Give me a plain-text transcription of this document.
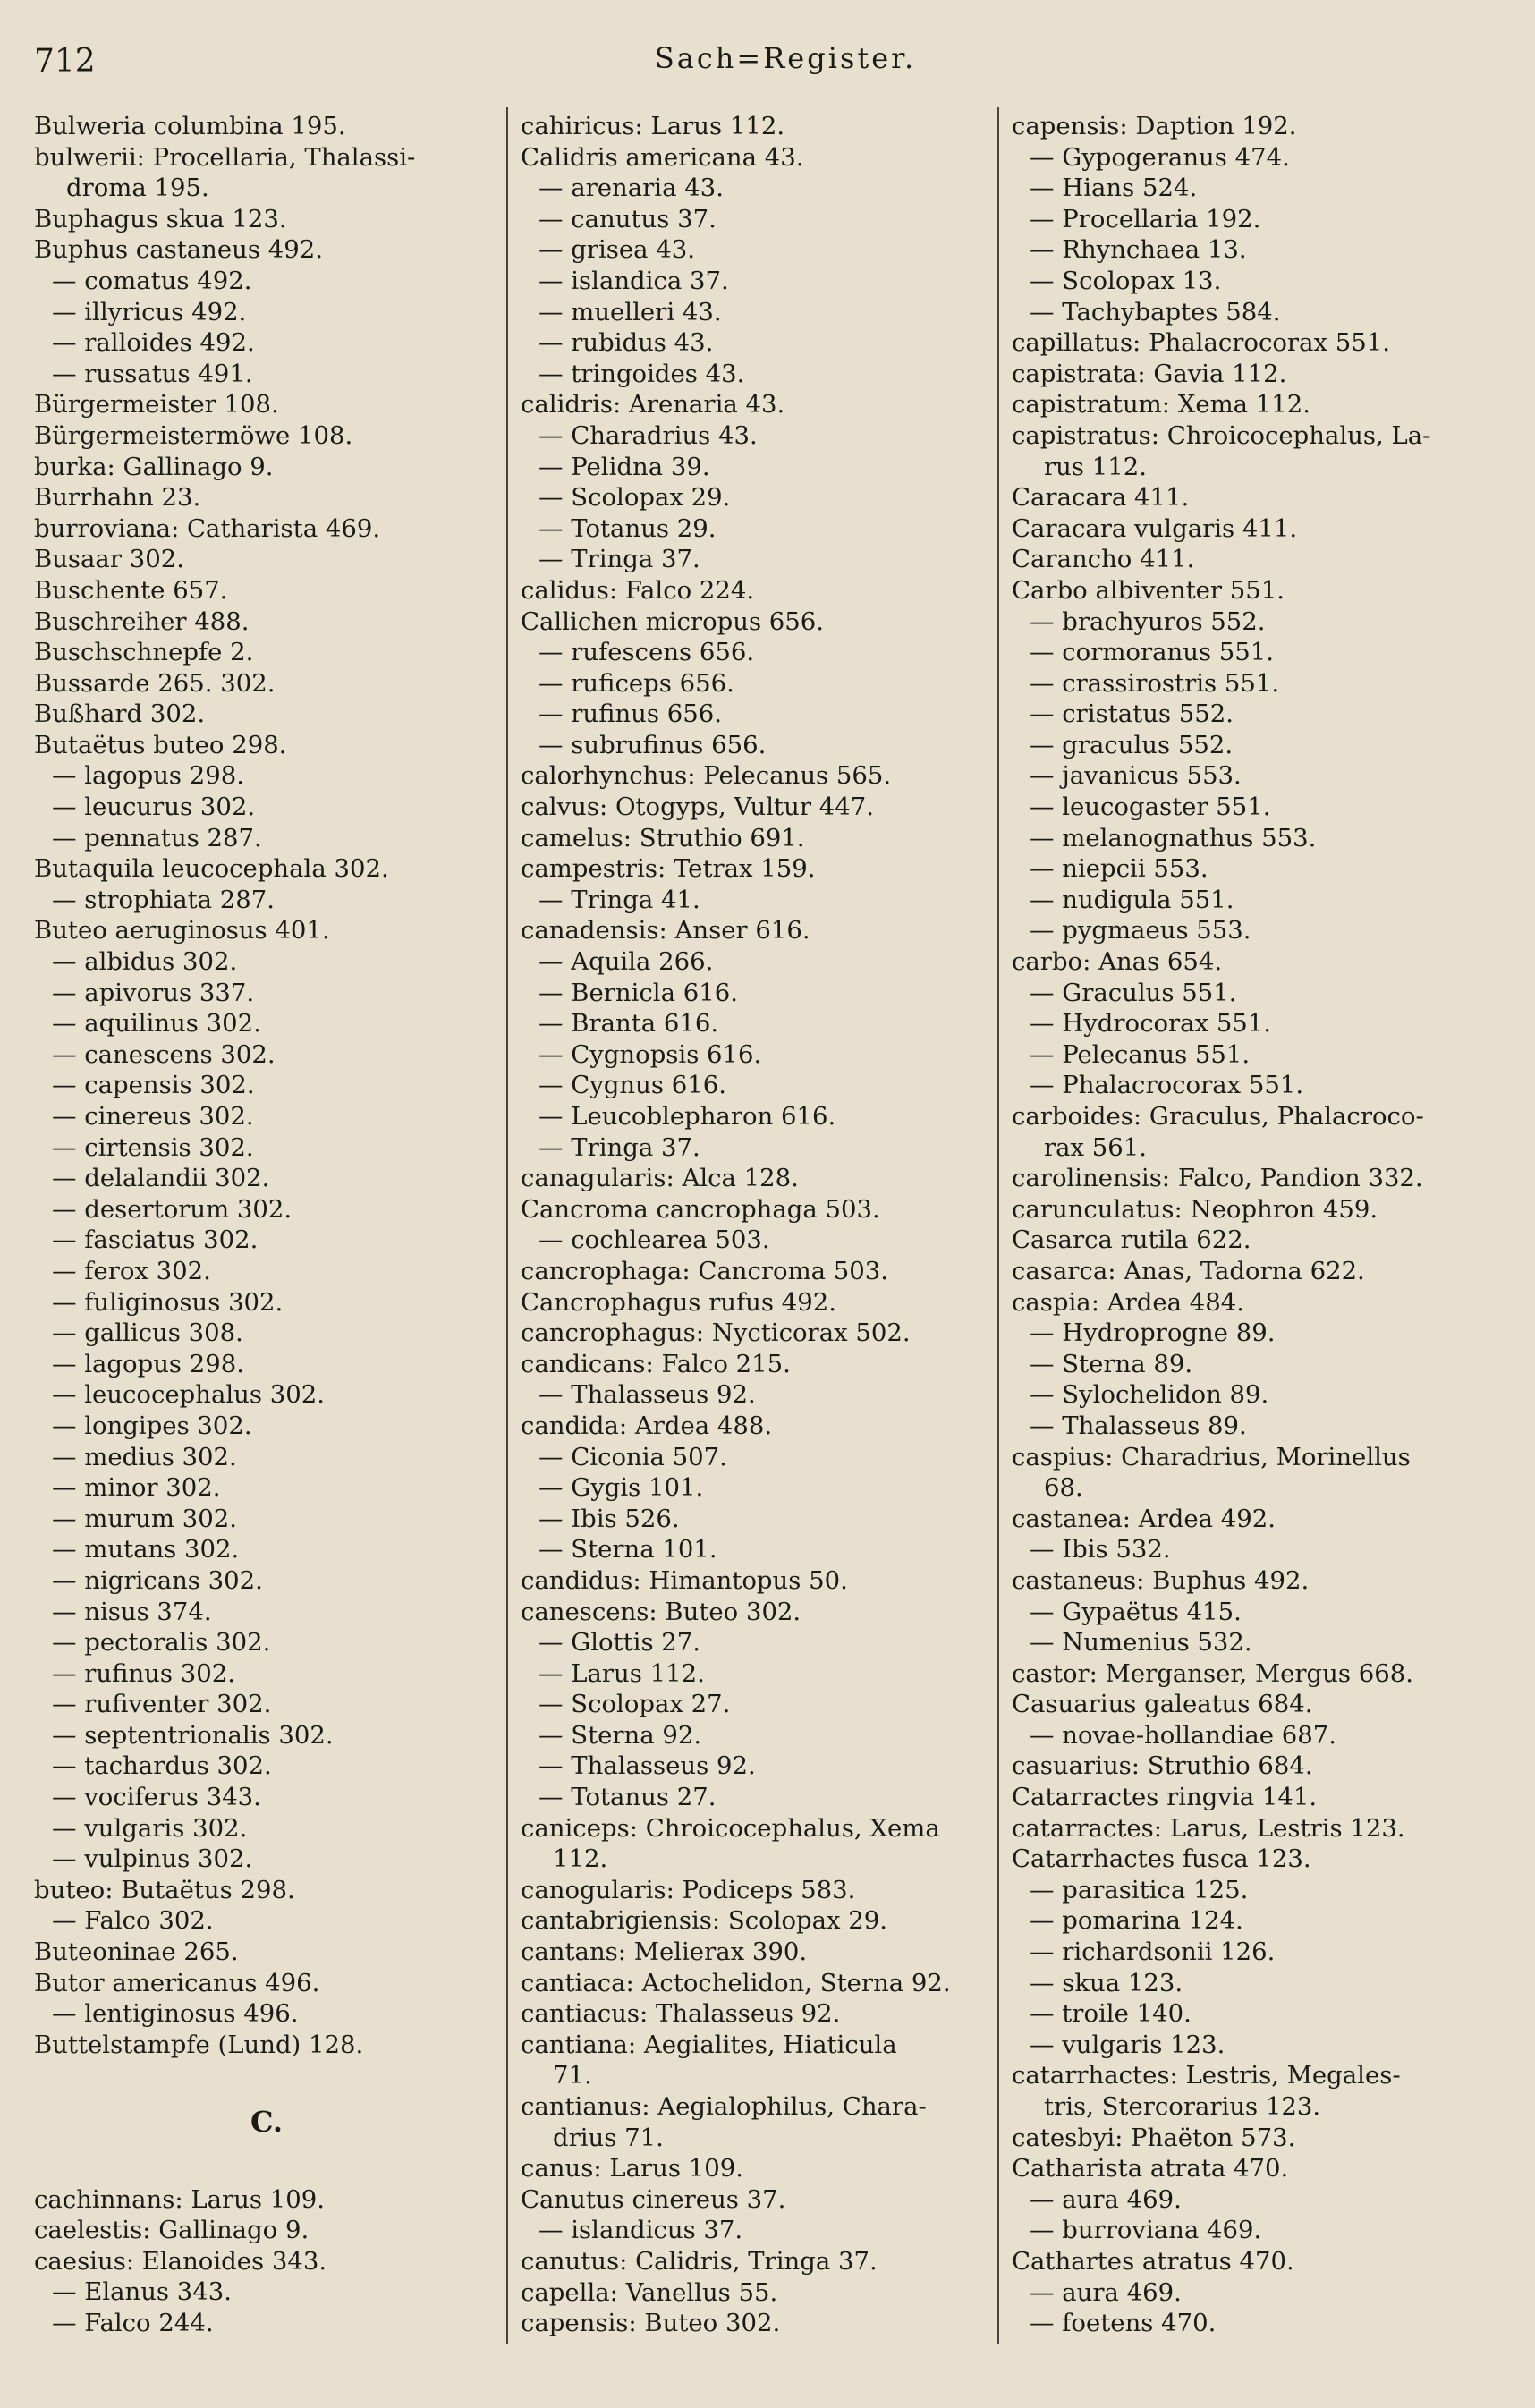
712	Sach=Register.
Bulweria columbina 195.
bulwerii: Procellaria, Thalassi-
droma 195.
Buphagus skua 123.
Buphus castaneus 492.
— comatus 492.
— illyricus 492.
— ralloides 492.
— russatus 491.
Bürgermeister 108.
Bürgermeistermöwe 108.
burka: Gallinago 9.
Burrhahn 23.
burroviana: Catharista 469.
Busaar 302.
Buschente 657.
Buschreiher 488.
Buschschnepfe 2.
Bussarde 265. 302.
Bußhard 302.
Butaëtus buteo 298.
— lagopus 298.
— leucurus 302.
— pennatus 287.
Butaquila leucocephala 302.
— strophiata 287.
Buteo aeruginosus 401.
— albidus 302.
— apivorus 337.
— aquilinus 302.
— canescens 302.
— capensis 302.
— cinereus 302.
— cirtensis 302.
— delalandii 302.
— desertorum 302.
— fasciatus 302.
— ferox 302.
— fuliginosus 302.
— gallicus 308.
— lagopus 298.
— leucocephalus 302.
— longipes 302.
— medius 302.
— minor 302.
— murum 302.
— mutans 302.
— nigricans 302.
— nisus 374.
— pectoralis 302.
— rufinus 302.
— rufiventer 302.
— septentrionalis 302.
— tachardus 302.
— vociferus 343.
— vulgaris 302.
— vulpinus 302.
buteo: Butaëtus 298.
— Falco 302.
Buteoninae 265.
Butor americanus 496.
— lentiginosus 496.
Buttelstampfe (Lund) 128.
C.
cachinnans: Larus 109.
caelestis: Gallinago 9.
caesius: Elanoides 343.
— Elanus 343.
— Falco 244.
cahiricus: Larus 112.
Calidris americana 43.
— arenaria 43.
— canutus 37.
— grisea 43.
— islandica 37.
— muelleri 43.
— rubidus 43.
— tringoides 43.
calidris: Arenaria 43.
— Charadrius 43.
— Pelidna 39.
— Scolopax 29.
— Totanus 29.
— Tringa 37.
calidus: Falco 224.
Callichen micropus 656.
— rufescens 656.
— ruficeps 656.
— rufinus 656.
— subrufinus 656.
calorhynchus: Pelecanus 565.
calvus: Otogyps, Vultur 447.
camelus: Struthio 691.
campestris: Tetrax 159.
— Tringa 41.
canadensis: Anser 616.
— Aquila 266.
— Bernicla 616.
— Branta 616.
— Cygnopsis 616.
— Cygnus 616.
— Leucoblepharon 616.
— Tringa 37.
canagularis: Alca 128.
Cancroma cancrophaga 503.
— cochlearea 503.
cancrophaga: Cancroma 503.
Cancrophagus rufus 492.
cancrophagus: Nycticorax 502.
candicans: Falco 215.
— Thalasseus 92.
candida: Ardea 488.
— Ciconia 507.
— Gygis 101.
— Ibis 526.
— Sterna 101.
candidus: Himantopus 50.
canescens: Buteo 302.
— Glottis 27.
— Larus 112.
— Scolopax 27.
— Sterna 92.
— Thalasseus 92.
— Totanus 27.
caniceps: Chroicocephalus, Xema
112.
canogularis: Podiceps 583.
cantabrigiensis: Scolopax 29.
cantans: Melierax 390.
cantiaca: Actochelidon, Sterna 92.
cantiacus: Thalasseus 92.
cantiana: Aegialites, Hiaticula
71.
cantianus: Aegialophilus, Chara-
drius 71.
canus: Larus 109.
Canutus cinereus 37.
— islandicus 37.
canutus: Calidris, Tringa 37.
capella: Vanellus 55.
capensis: Buteo 302.
capensis: Daption 192.
— Gypogeranus 474.
— Hians 524.
— Procellaria 192.
— Rhynchaea 13.
— Scolopax 13.
— Tachybaptes 584.
capillatus: Phalacrocorax 551.
capistrata: Gavia 112.
capistratum: Xema 112.
capistratus: Chroicocephalus, La-
rus 112.
Caracara 411.
Caracara vulgaris 411.
Carancho 411.
Carbo albiventer 551.
— brachyuros 552.
— cormoranus 551.
— crassirostris 551.
— cristatus 552.
— graculus 552.
— javanicus 553.
— leucogaster 551.
— melanognathus 553.
— niepcii 553.
— nudigula 551.
— pygmaeus 553.
carbo: Anas 654.
— Graculus 551.
— Hydrocorax 551.
— Pelecanus 551.
— Phalacrocorax 551.
carboides: Graculus, Phalacroco-
rax 561.
carolinensis: Falco, Pandion 332.
carunculatus: Neophron 459.
Casarca rutila 622.
casarca: Anas, Tadorna 622.
caspia: Ardea 484.
— Hydroprogne 89.
— Sterna 89.
— Sylochelidon 89.
— Thalasseus 89.
caspius: Charadrius, Morinellus
68.
castanea: Ardea 492.
— Ibis 532.
castaneus: Buphus 492.
— Gypaëtus 415.
— Numenius 532.
castor: Merganser, Mergus 668.
Casuarius galeatus 684.
— novae-hollandiae 687.
casuarius: Struthio 684.
Catarractes ringvia 141.
catarractes: Larus, Lestris 123.
Catarrhactes fusca 123.
— parasitica 125.
— pomarina 124.
— richardsonii 126.
— skua 123.
— troile 140.
— vulgaris 123.
catarrhactes: Lestris, Megales-
tris, Stercorarius 123.
catesbyi: Phaëton 573.
Catharista atrata 470.
— aura 469.
— burroviana 469.
Cathartes atratus 470.
— aura 469.
— foetens 470.
